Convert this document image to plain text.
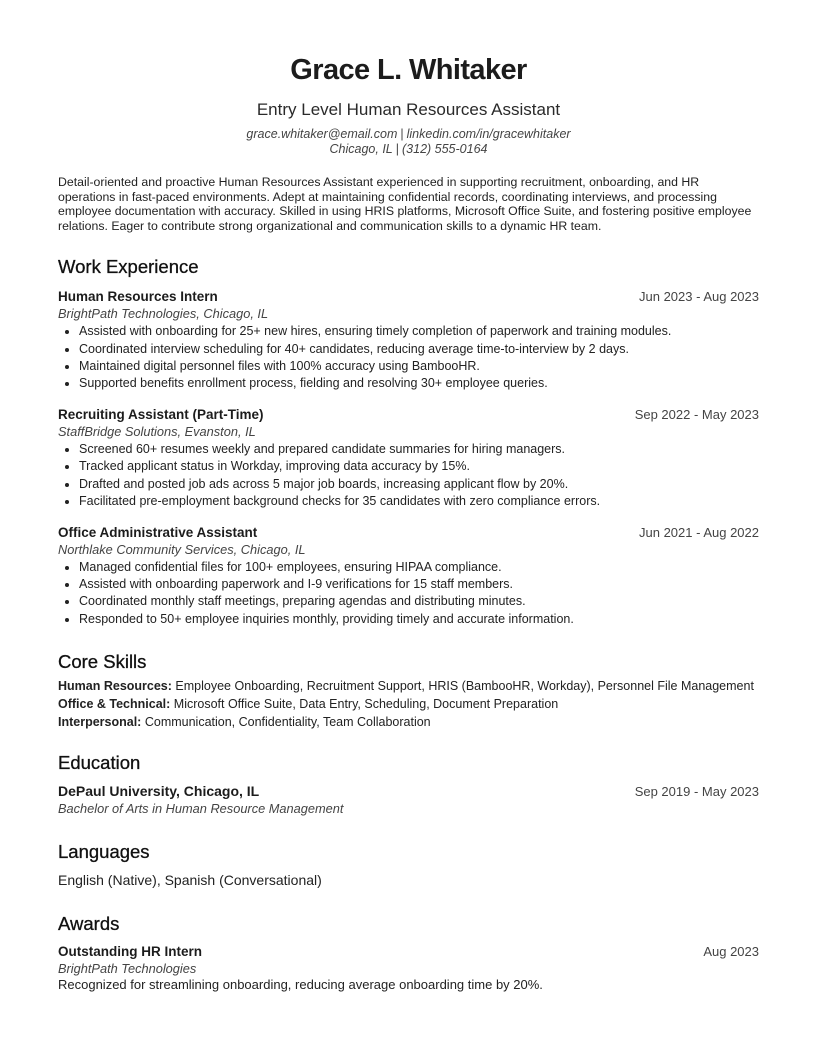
Grace L. Whitaker
Entry Level Human Resources Assistant
grace.whitaker@email.com | linkedin.com/in/gracewhitaker
Chicago, IL | (312) 555-0164
Detail-oriented and proactive Human Resources Assistant experienced in supporting recruitment, onboarding, and HR operations in fast-paced environments. Adept at maintaining confidential records, coordinating interviews, and processing employee documentation with accuracy. Skilled in using HRIS platforms, Microsoft Office Suite, and fostering positive employee relations. Eager to contribute strong organizational and communication skills to a dynamic HR team.
Work Experience
Human Resources Intern	Jun 2023 - Aug 2023
BrightPath Technologies, Chicago, IL
• Assisted with onboarding for 25+ new hires, ensuring timely completion of paperwork and training modules.
• Coordinated interview scheduling for 40+ candidates, reducing average time-to-interview by 2 days.
• Maintained digital personnel files with 100% accuracy using BambooHR.
• Supported benefits enrollment process, fielding and resolving 30+ employee queries.
Recruiting Assistant (Part-Time)	Sep 2022 - May 2023
StaffBridge Solutions, Evanston, IL
• Screened 60+ resumes weekly and prepared candidate summaries for hiring managers.
• Tracked applicant status in Workday, improving data accuracy by 15%.
• Drafted and posted job ads across 5 major job boards, increasing applicant flow by 20%.
• Facilitated pre-employment background checks for 35 candidates with zero compliance errors.
Office Administrative Assistant	Jun 2021 - Aug 2022
Northlake Community Services, Chicago, IL
• Managed confidential files for 100+ employees, ensuring HIPAA compliance.
• Assisted with onboarding paperwork and I-9 verifications for 15 staff members.
• Coordinated monthly staff meetings, preparing agendas and distributing minutes.
• Responded to 50+ employee inquiries monthly, providing timely and accurate information.
Core Skills
Human Resources: Employee Onboarding, Recruitment Support, HRIS (BambooHR, Workday), Personnel File Management
Office & Technical: Microsoft Office Suite, Data Entry, Scheduling, Document Preparation
Interpersonal: Communication, Confidentiality, Team Collaboration
Education
DePaul University, Chicago, IL	Sep 2019 - May 2023
Bachelor of Arts in Human Resource Management
Languages
English (Native), Spanish (Conversational)
Awards
Outstanding HR Intern	Aug 2023
BrightPath Technologies
Recognized for streamlining onboarding, reducing average onboarding time by 20%.
